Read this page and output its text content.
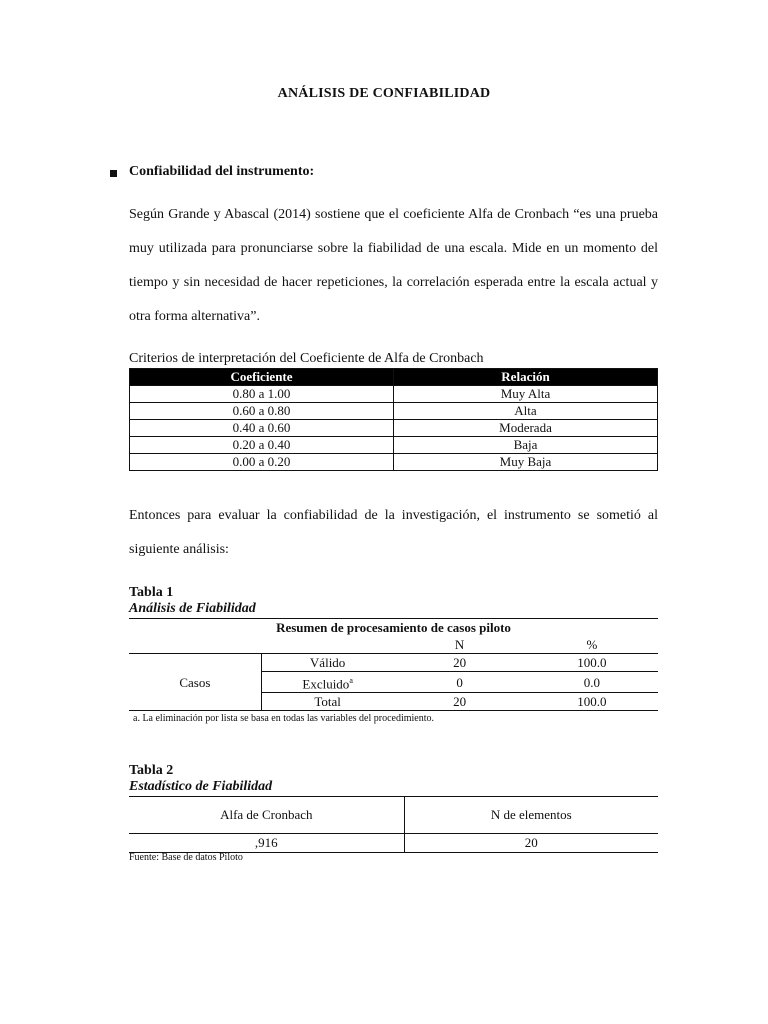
ANÁLISIS DE CONFIABILIDAD
Confiabilidad del instrumento:
Según Grande y Abascal (2014) sostiene que el coeficiente Alfa de Cronbach “es una prueba muy utilizada para pronunciarse sobre la fiabilidad de una escala. Mide en un momento del tiempo y sin necesidad de hacer repeticiones, la correlación esperada entre la escala actual y otra forma alternativa”.
Criterios de interpretación del Coeficiente de Alfa de Cronbach
Coeficiente	Relación
0.80 a 1.00	Muy Alta
0.60 a 0.80	Alta
0.40 a 0.60	Moderada
0.20 a 0.40	Baja
0.00 a 0.20	Muy Baja
Entonces para evaluar la confiabilidad de la investigación, el instrumento se sometió al siguiente análisis:
Tabla 1
Análisis de Fiabilidad
Resumen de procesamiento de casos piloto			
		N	%
Casos	Válido	20	100.0
	Excluido$^a$	0	0.0
	Total	20	100.0
a. La eliminación por lista se basa en todas las variables del procedimiento.
Tabla 2
Estadístico de Fiabilidad
Alfa de Cronbach	N de elementos
,916	20
Fuente: Base de datos Piloto
